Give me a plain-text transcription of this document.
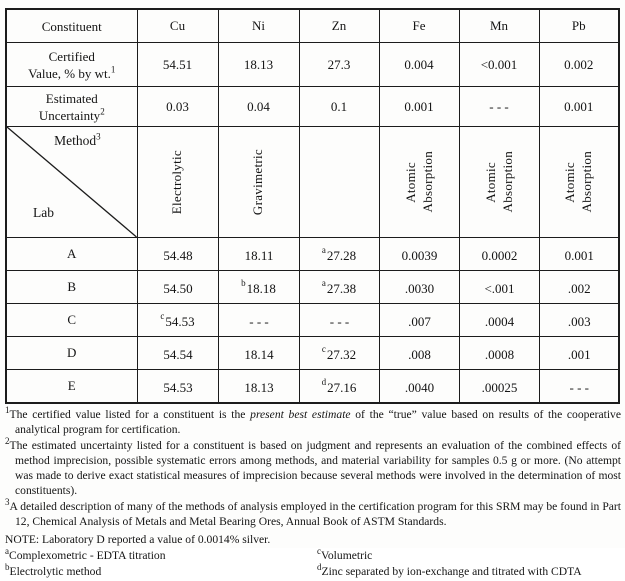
Constituent	Cu	Ni	Zn	Fe	Mn	Pb
Certified
Value, % by wt.$^1$	54.51	18.13	27.3	0.004	<0.001	0.002
Estimated
Uncertainty$^2$	0.03	0.04	0.1	0.001	- - -	0.001

Method$^3$
Lab	Electrolytic	Gravimetric		Atomic Absorption	Atomic Absorption	Atomic Absorption

A	54.48	18.11	$^a$27.28	0.0039	0.0002	0.001
B	54.50	$^b$18.18	$^a$27.38	.0030	<.001	.002
C	$^c$54.53	- - -	- - -	.007	.0004	.003
D	54.54	18.14	$^c$27.32	.008	.0008	.001
E	54.53	18.13	$^d$27.16	.0040	.00025	- - -

$^1$The certified value listed for a constituent is the present best estimate of the “true” value based on results of the cooperative analytical program for certification.

$^2$The estimated uncertainty listed for a constituent is based on judgment and represents an evaluation of the combined effects of method imprecision, possible systematic errors among methods, and material variability for samples 0.5 g or more. (No attempt was made to derive exact statistical measures of imprecision because several methods were involved in the determination of most constituents).

$^3$A detailed description of many of the methods of analysis employed in the certification program for this SRM may be found in Part 12, Chemical Analysis of Metals and Metal Bearing Ores, Annual Book of ASTM Standards.

NOTE: Laboratory D reported a value of 0.0014% silver.
$^a$Complexometric - EDTA titration	$^c$Volumetric
$^b$Electrolytic method	$^d$Zinc separated by ion-exchange and titrated with CDTA
